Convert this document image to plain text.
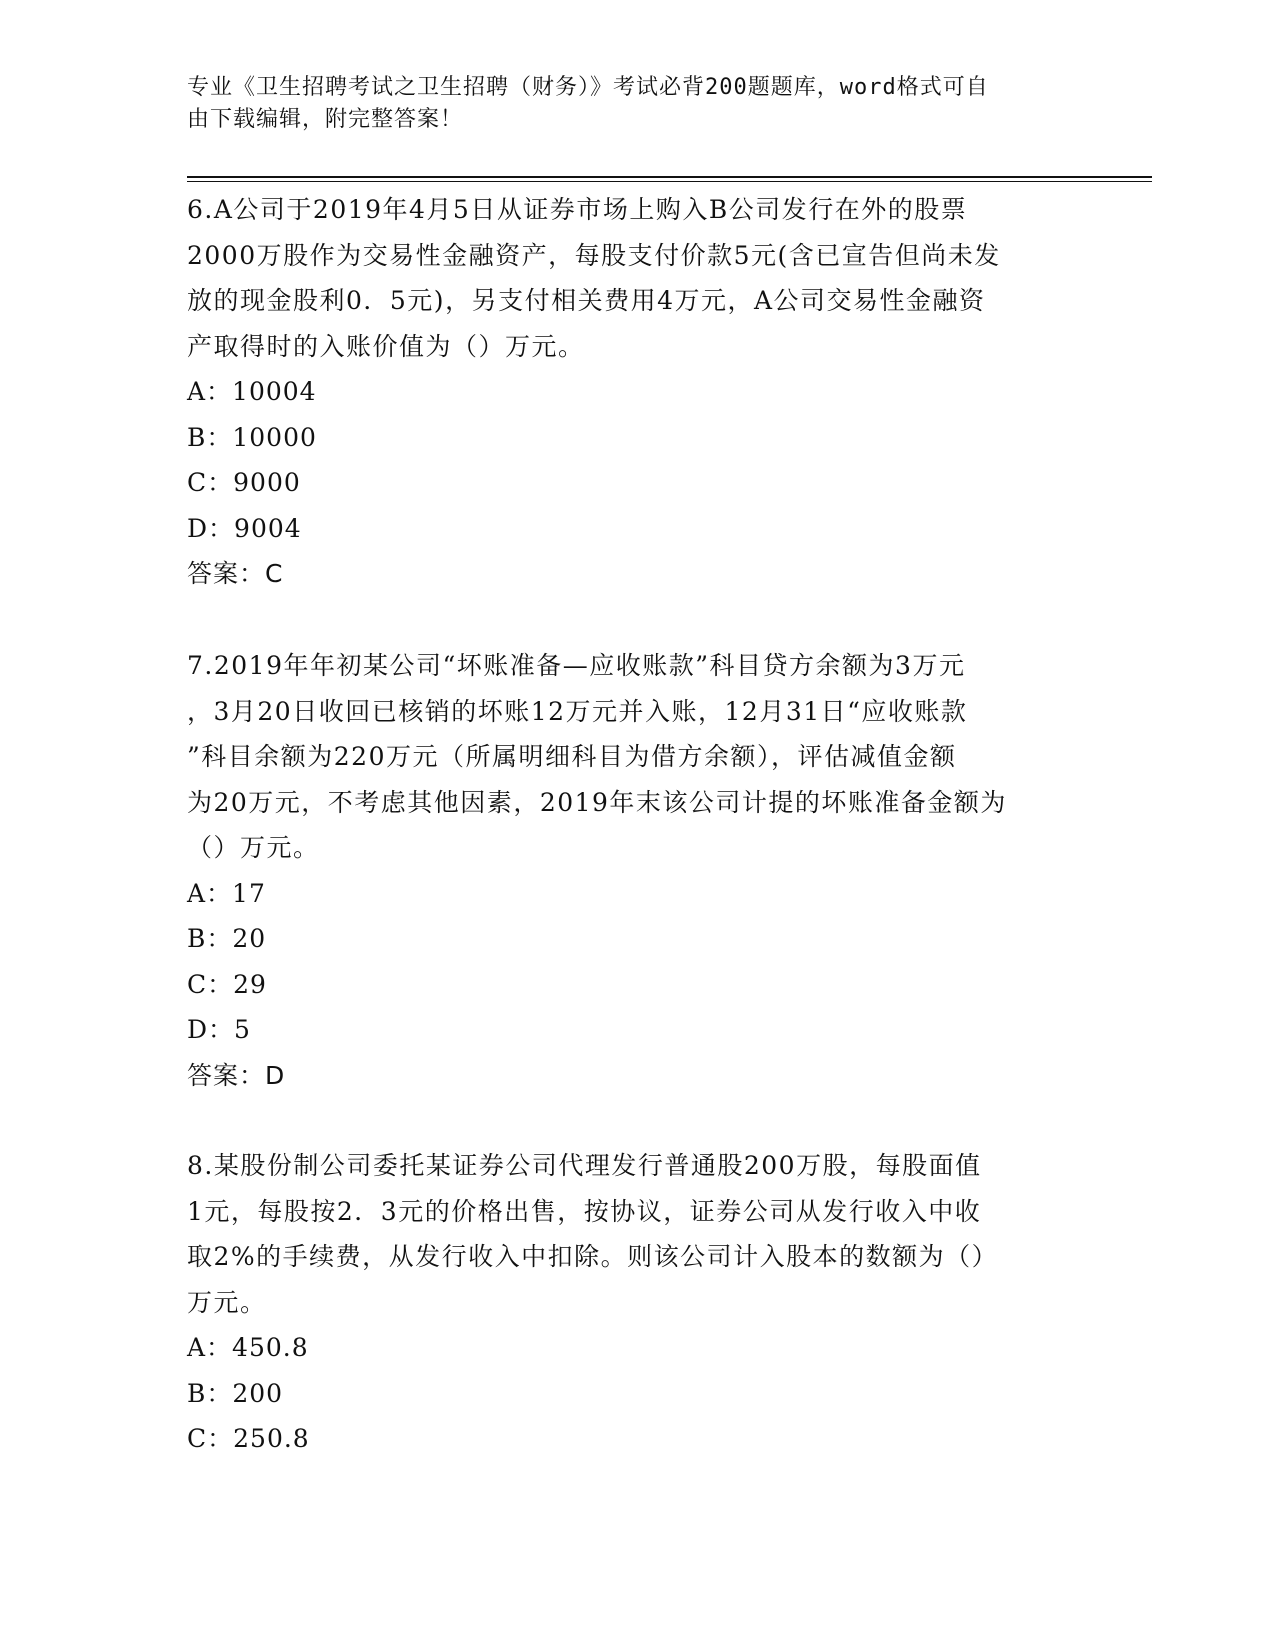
专业《卫生招聘考试之卫生招聘（财务）》考试必背200题题库，word格式可自
由下载编辑，附完整答案！

6.A公司于2019年4月5日从证券市场上购入B公司发行在外的股票

2000万股作为交易性金融资产，每股支付价款5元(含已宣告但尚未发

放的现金股利0．5元)，另支付相关费用4万元，A公司交易性金融资

产取得时的入账价值为（）万元。

A：10004

B：10000

C：9000

D：9004

答案：C

7.2019年年初某公司“坏账准备—应收账款”科目贷方余额为3万元

，3月20日收回已核销的坏账12万元并入账，12月31日“应收账款

”科目余额为220万元（所属明细科目为借方余额），评估减值金额

为20万元，不考虑其他因素，2019年末该公司计提的坏账准备金额为

（）万元。

A：17

B：20

C：29

D：5

答案：D

8.某股份制公司委托某证券公司代理发行普通股200万股，每股面值

1元，每股按2．3元的价格出售，按协议，证券公司从发行收入中收

取2%的手续费，从发行收入中扣除。则该公司计入股本的数额为（）

万元。

A：450.8

B：200

C：250.8
